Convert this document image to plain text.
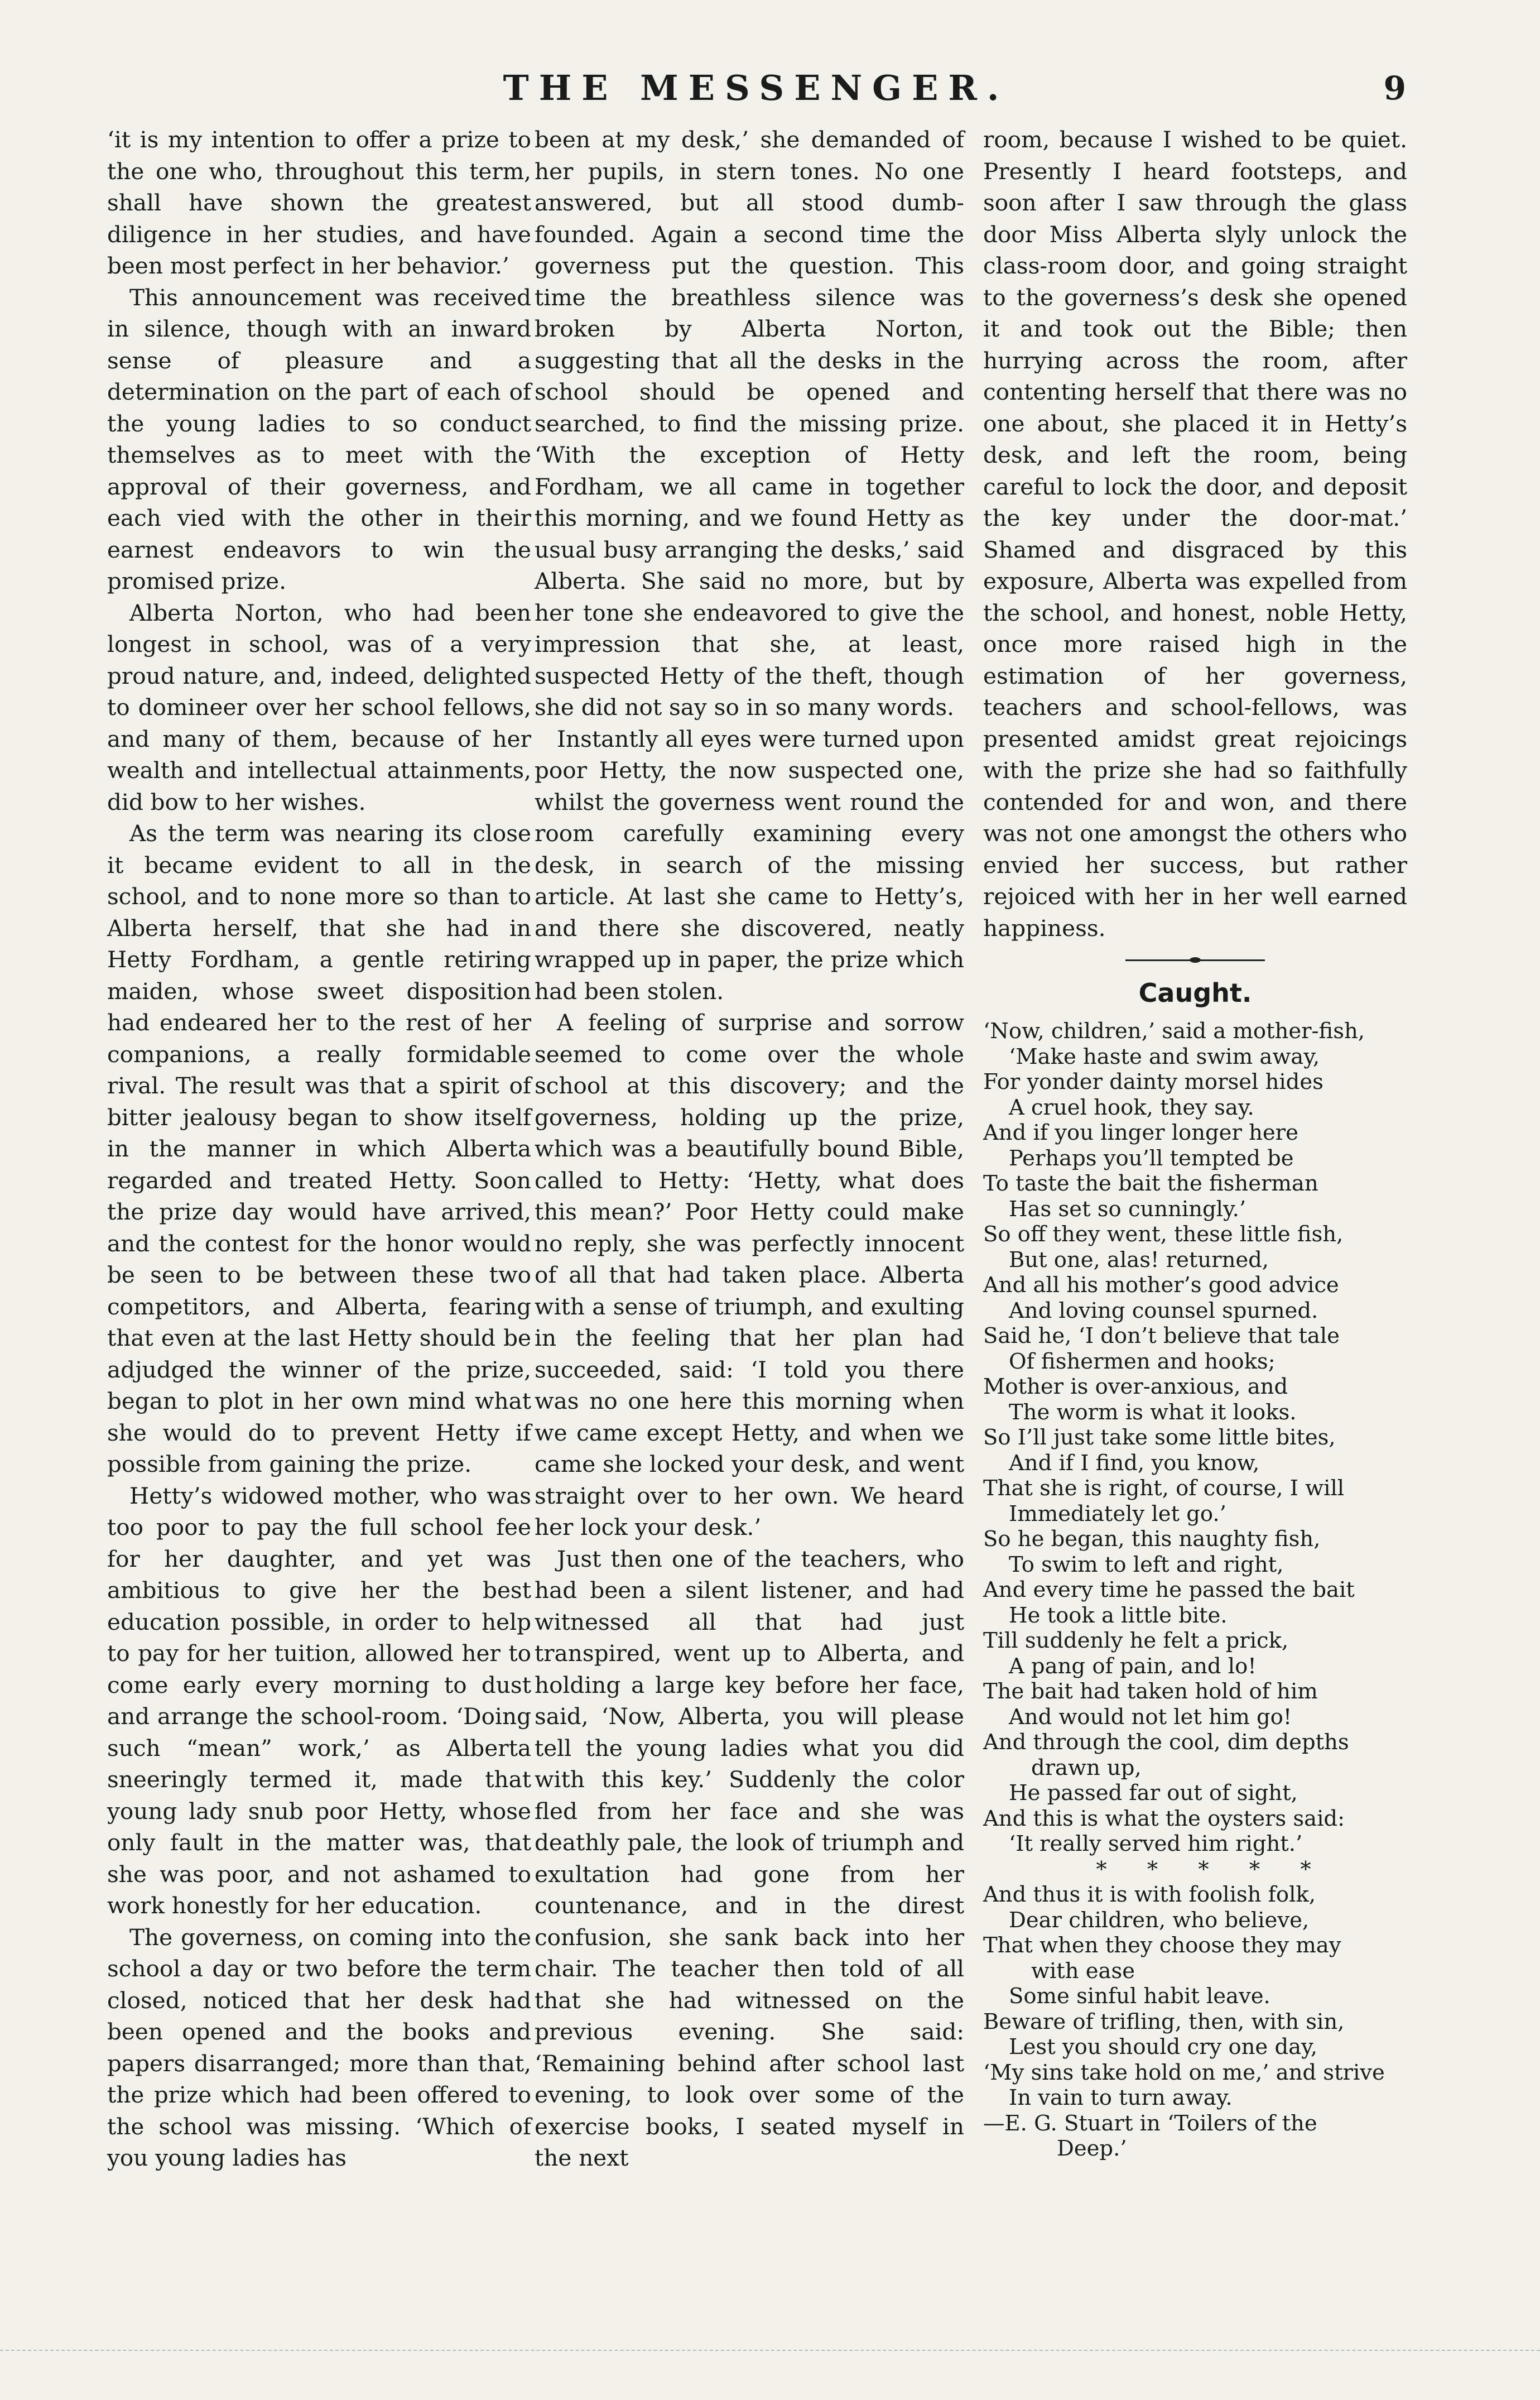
THE MESSENGER.	9

‘it is my intention to offer a prize to the one who, throughout this term, shall have shown the greatest diligence in her studies, and have been most perfect in her behavior.’

This announcement was received in silence, though with an inward sense of pleasure and a determination on the part of each of the young ladies to so conduct themselves as to meet with the approval of their governess, and each vied with the other in their earnest endeavors to win the promised prize.

Alberta Norton, who had been longest in school, was of a very proud nature, and, indeed, delighted to domineer over her school fellows, and many of them, because of her wealth and intellectual attainments, did bow to her wishes.

As the term was nearing its close it became evident to all in the school, and to none more so than to Alberta herself, that she had in Hetty Fordham, a gentle retiring maiden, whose sweet disposition had endeared her to the rest of her companions, a really formidable rival. The result was that a spirit of bitter jealousy began to show itself in the manner in which Alberta regarded and treated Hetty. Soon the prize day would have arrived, and the contest for the honor would be seen to be between these two competitors, and Alberta, fearing that even at the last Hetty should be adjudged the winner of the prize, began to plot in her own mind what she would do to prevent Hetty if possible from gaining the prize.

Hetty’s widowed mother, who was too poor to pay the full school fee for her daughter, and yet was ambitious to give her the best education possible, in order to help to pay for her tuition, allowed her to come early every morning to dust and arrange the school-room. ‘Doing such “mean” work,’ as Alberta sneeringly termed it, made that young lady snub poor Hetty, whose only fault in the matter was, that she was poor, and not ashamed to work honestly for her education.

The governess, on coming into the school a day or two before the term closed, noticed that her desk had been opened and the books and papers disarranged; more than that, the prize which had been offered to the school was missing. ‘Which of you young ladies has

been at my desk,’ she demanded of her pupils, in stern tones. No one answered, but all stood dumb-founded. Again a second time the governess put the question. This time the breathless silence was broken by Alberta Norton, suggesting that all the desks in the school should be opened and searched, to find the missing prize. ‘With the exception of Hetty Fordham, we all came in together this morning, and we found Hetty as usual busy arranging the desks,’ said Alberta. She said no more, but by her tone she endeavored to give the impression that she, at least, suspected Hetty of the theft, though she did not say so in so many words.

Instantly all eyes were turned upon poor Hetty, the now suspected one, whilst the governess went round the room carefully examining every desk, in search of the missing article. At last she came to Hetty’s, and there she discovered, neatly wrapped up in paper, the prize which had been stolen.

A feeling of surprise and sorrow seemed to come over the whole school at this discovery; and the governess, holding up the prize, which was a beautifully bound Bible, called to Hetty: ‘Hetty, what does this mean?’ Poor Hetty could make no reply, she was perfectly innocent of all that had taken place. Alberta with a sense of triumph, and exulting in the feeling that her plan had succeeded, said: ‘I told you there was no one here this morning when we came except Hetty, and when we came she locked your desk, and went straight over to her own. We heard her lock your desk.’

Just then one of the teachers, who had been a silent listener, and had witnessed all that had just transpired, went up to Alberta, and holding a large key before her face, said, ‘Now, Alberta, you will please tell the young ladies what you did with this key.’ Suddenly the color fled from her face and she was deathly pale, the look of triumph and exultation had gone from her countenance, and in the direst confusion, she sank back into her chair. The teacher then told of all that she had witnessed on the previous evening. She said: ‘Remaining behind after school last evening, to look over some of the exercise books, I seated myself in the next

room, because I wished to be quiet. Presently I heard footsteps, and soon after I saw through the glass door Miss Alberta slyly unlock the class-room door, and going straight to the governess’s desk she opened it and took out the Bible; then hurrying across the room, after contenting herself that there was no one about, she placed it in Hetty’s desk, and left the room, being careful to lock the door, and deposit the key under the door-mat.’ Shamed and disgraced by this exposure, Alberta was expelled from the school, and honest, noble Hetty, once more raised high in the estimation of her governess, teachers and school-fellows, was presented amidst great rejoicings with the prize she had so faithfully contended for and won, and there was not one amongst the others who envied her success, but rather rejoiced with her in her well earned happiness.

Caught.
‘Now, children,’ said a mother-fish,
‘Make haste and swim away,
For yonder dainty morsel hides
A cruel hook, they say.
And if you linger longer here
Perhaps you’ll tempted be
To taste the bait the fisherman
Has set so cunningly.’
So off they went, these little fish,
But one, alas! returned,
And all his mother’s good advice
And loving counsel spurned.
Said he, ‘I don’t believe that tale
Of fishermen and hooks;
Mother is over-anxious, and
The worm is what it looks.
So I’ll just take some little bites,
And if I find, you know,
That she is right, of course, I will
Immediately let go.’
So he began, this naughty fish,
To swim to left and right,
And every time he passed the bait
He took a little bite.
Till suddenly he felt a prick,
A pang of pain, and lo!
The bait had taken hold of him
And would not let him go!
And through the cool, dim depths
drawn up,
He passed far out of sight,
And this is what the oysters said:
‘It really served him right.’
* * * * *
And thus it is with foolish folk,
Dear children, who believe,
That when they choose they may
with ease
Some sinful habit leave.
Beware of trifling, then, with sin,
Lest you should cry one day,
‘My sins take hold on me,’ and strive
In vain to turn away.
—E. G. Stuart in ‘Toilers of the
Deep.’
